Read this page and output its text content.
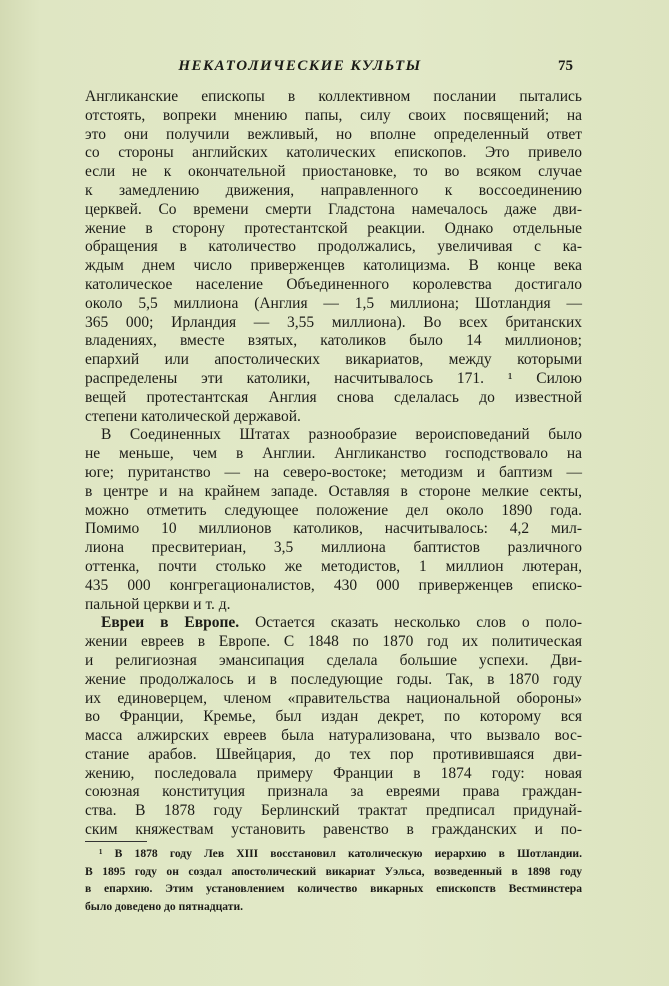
НЕКАТОЛИЧЕСКИЕ КУЛЬТЫ	75
Англиканские епископы в коллективном послании пытались
отстоять, вопреки мнению папы, силу своих посвящений; на
это они получили вежливый, но вполне определенный ответ
со стороны английских католических епископов. Это привело
если не к окончательной приостановке, то во всяком случае
к замедлению движения, направленного к воссоединению
церквей. Со времени смерти Гладстона намечалось даже дви-
жение в сторону протестантской реакции. Однако отдельные
обращения в католичество продолжались, увеличивая с ка-
ждым днем число приверженцев католицизма. В конце века
католическое население Объединенного королевства достигало
около 5,5 миллиона (Англия — 1,5 миллиона; Шотландия —
365 000; Ирландия — 3,55 миллиона). Во всех британских
владениях, вместе взятых, католиков было 14 миллионов;
епархий или апостолических викариатов, между которыми
распределены эти католики, насчитывалось 171. ¹ Силою
вещей протестантская Англия снова сделалась до известной
степени католической державой.
В Соединенных Штатах разнообразие вероисповеданий было
не меньше, чем в Англии. Англиканство господствовало на
юге; пуританство — на северо-востоке; методизм и баптизм —
в центре и на крайнем западе. Оставляя в стороне мелкие секты,
можно отметить следующее положение дел около 1890 года.
Помимо 10 миллионов католиков, насчитывалось: 4,2 мил-
лиона пресвитериан, 3,5 миллиона баптистов различного
оттенка, почти столько же методистов, 1 миллион лютеран,
435 000 конгрегационалистов, 430 000 приверженцев еписко-
пальной церкви и т. д.
Евреи в Европе. Остается сказать несколько слов о поло-
жении евреев в Европе. С 1848 по 1870 год их политическая
и религиозная эмансипация сделала большие успехи. Дви-
жение продолжалось и в последующие годы. Так, в 1870 году
их единоверцем, членом «правительства национальной обороны»
во Франции, Кремье, был издан декрет, по которому вся
масса алжирских евреев была натурализована, что вызвало вос-
стание арабов. Швейцария, до тех пор противившаяся дви-
жению, последовала примеру Франции в 1874 году: новая
союзная конституция признала за евреями права граждан-
ства. В 1878 году Берлинский трактат предписал придунай-
ским княжествам установить равенство в гражданских и по-
¹ В 1878 году Лев XIII восстановил католическую иерархию в Шотландии.
В 1895 году он создал апостолический викариат Уэльса, возведенный в 1898 году
в епархию. Этим установлением количество викарных епископств Вестминстера
было доведено до пятнадцати.
